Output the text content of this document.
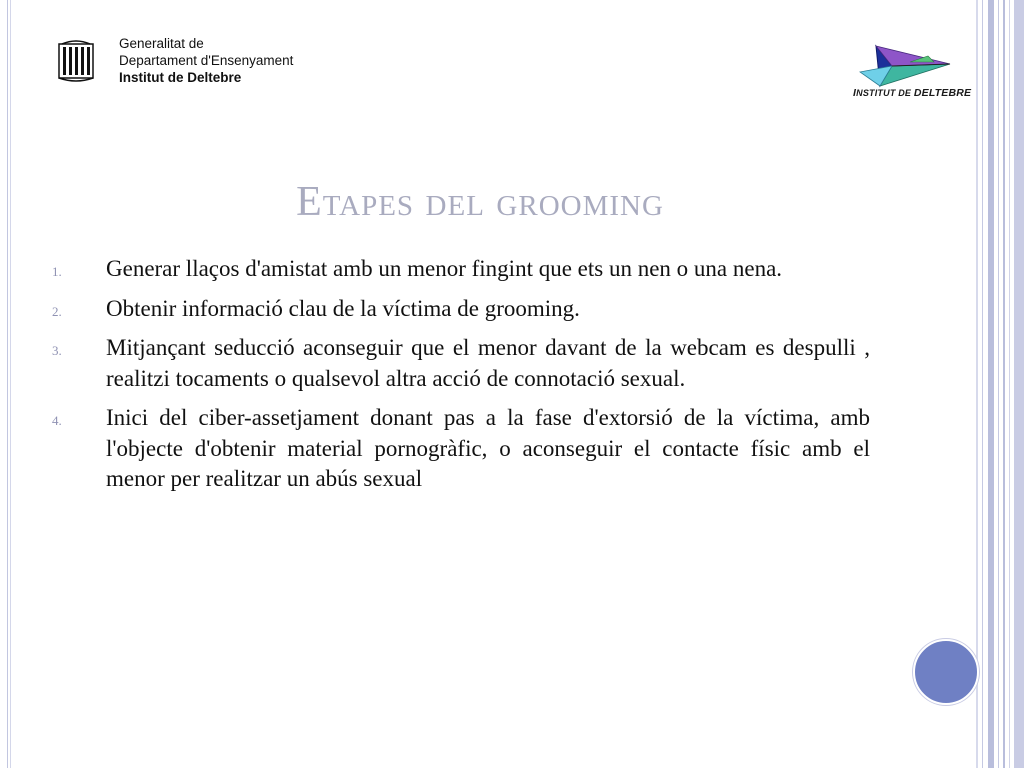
Generalitat de
Departament d'Ensenyament
Institut de Deltebre
INSTITUT DE DELTEBRE
Etapes del grooming
1. Generar llaços d'amistat amb un menor fingint que ets un nen o una nena.
2. Obtenir informació clau de la víctima de grooming.
3. Mitjançant seducció aconseguir que el menor davant de la webcam es despulli , realitzi tocaments o qualsevol altra acció de connotació sexual.
4. Inici del ciber-assetjament donant pas a la fase d'extorsió de la víctima, amb l'objecte d'obtenir material pornogràfic, o aconseguir el contacte físic amb el menor per realitzar un abús sexual
